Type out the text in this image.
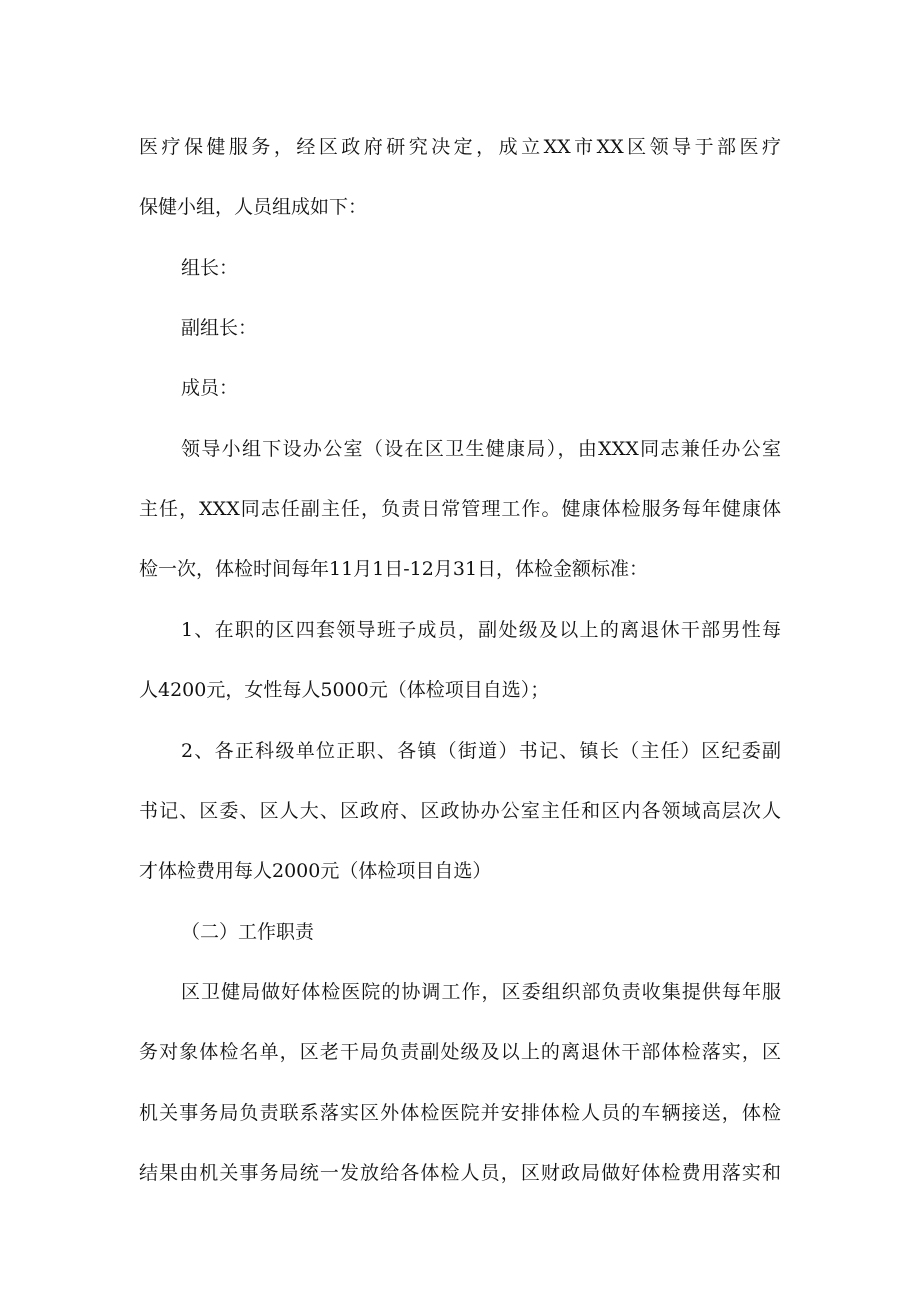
医疗保健服务，经区政府研究决定，成立XX市XX区领导于部医疗
保健小组，人员组成如下：
组长：
副组长：
成员：
领导小组下设办公室（设在区卫生健康局），由XXX同志兼任办公室
主任，XXX同志任副主任，负责日常管理工作。健康体检服务每年健康体
检一次，体检时间每年11月1日-12月31日，体检金额标准：
1、在职的区四套领导班子成员，副处级及以上的离退休干部男性每
人4200元，女性每人5000元（体检项目自选）；
2、各正科级单位正职、各镇（街道）书记、镇长（主任）区纪委副
书记、区委、区人大、区政府、区政协办公室主任和区内各领域高层次人
才体检费用每人2000元（体检项目自选）
（二）工作职责
区卫健局做好体检医院的协调工作，区委组织部负责收集提供每年服
务对象体检名单，区老干局负责副处级及以上的离退休干部体检落实，区
机关事务局负责联系落实区外体检医院并安排体检人员的车辆接送，体检
结果由机关事务局统一发放给各体检人员，区财政局做好体检费用落实和
